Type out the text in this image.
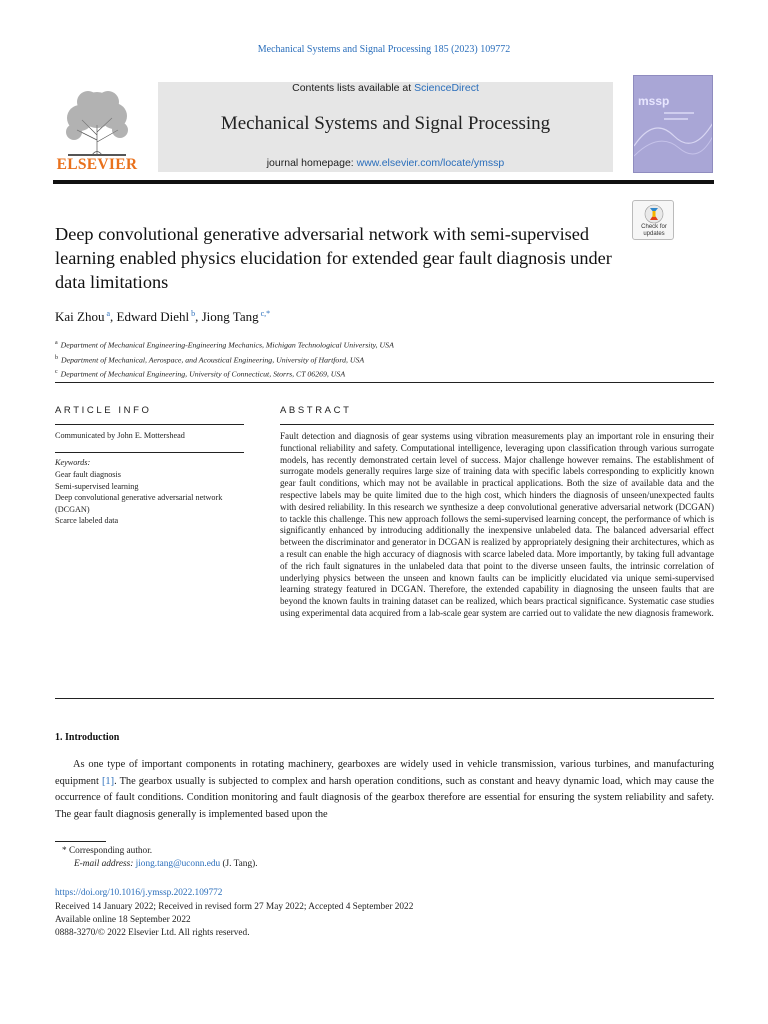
Mechanical Systems and Signal Processing 185 (2023) 109772
ELSEVIER
Contents lists available at ScienceDirect
Mechanical Systems and Signal Processing
journal homepage: www.elsevier.com/locate/ymssp
mssp
Check for
updates
Deep convolutional generative adversarial network with semi-supervised learning enabled physics elucidation for extended gear fault diagnosis under data limitations
Kai Zhou $^a$, Edward Diehl $^b$, Jiong Tang $^{c,*}$
$^a$ Department of Mechanical Engineering-Engineering Mechanics, Michigan Technological University, USA
$^b$ Department of Mechanical, Aerospace, and Acoustical Engineering, University of Hartford, USA
$^c$ Department of Mechanical Engineering, University of Connecticut, Storrs, CT 06269, USA
ARTICLE INFO
Communicated by John E. Mottershead
Keywords:
Gear fault diagnosis
Semi-supervised learning
Deep convolutional generative adversarial network (DCGAN)
Scarce labeled data
ABSTRACT
Fault detection and diagnosis of gear systems using vibration measurements play an important role in ensuring their functional reliability and safety. Computational intelligence, leveraging upon classification through various surrogate models, has recently demonstrated certain level of success. Major challenge however remains. The establishment of surrogate models generally requires large size of training data with specific labels corresponding to explicitly known gear fault conditions, which may not be available in practical applications. Both the size of available data and the respective labels may be quite limited due to the high cost, which hinders the diagnosis of unseen/unexpected faults with desired reliability. In this research we synthesize a deep convolutional generative adversarial network (DCGAN) to tackle this challenge. This new approach follows the semi-supervised learning concept, the performance of which is significantly enhanced by introducing additionally the inexpensive unlabeled data. The balanced adversarial effect between the discriminator and generator in DCGAN is realized by appropriately designing their architectures, which as a result can enable the high accuracy of diagnosis with scarce labeled data. More importantly, by taking full advantage of the rich fault signatures in the unlabeled data that point to the diverse unseen faults, the intrinsic correlation of underlying physics between the unseen and known faults can be implicitly elucidated via unique semi-supervised learning strategy featured in DCGAN. Therefore, the extended capability in diagnosing the unseen faults that are beyond the known faults in training dataset can be realized, which bears practical significance. Systematic case studies using experimental data acquired from a lab-scale gear system are carried out to validate the new diagnosis framework.
1. Introduction
As one type of important components in rotating machinery, gearboxes are widely used in vehicle transmission, various turbines, and manufacturing equipment [1]. The gearbox usually is subjected to complex and harsh operation conditions, such as constant and heavy dynamic load, which may cause the occurrence of fault conditions. Condition monitoring and fault diagnosis of the gearbox therefore are essential for ensuring the system reliability and safety. The gear fault diagnosis generally is implemented based upon the
* Corresponding author.
E-mail address: jiong.tang@uconn.edu (J. Tang).
https://doi.org/10.1016/j.ymssp.2022.109772
Received 14 January 2022; Received in revised form 27 May 2022; Accepted 4 September 2022
Available online 18 September 2022
0888-3270/© 2022 Elsevier Ltd. All rights reserved.
